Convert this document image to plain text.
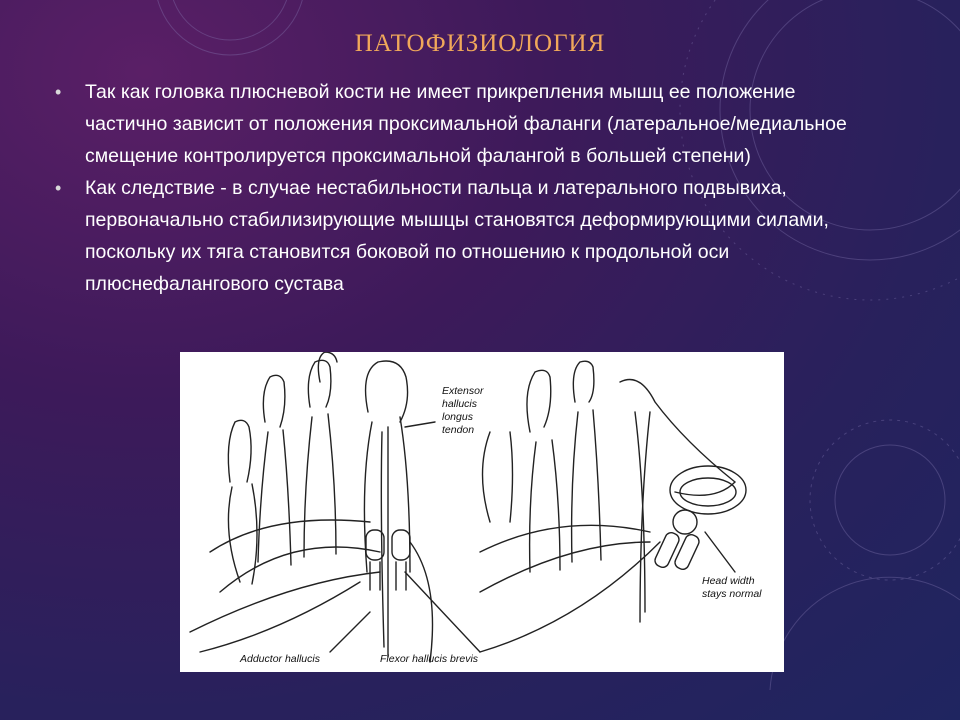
ПАТОФИЗИОЛОГИЯ
• Так как головка плюсневой кости не имеет прикрепления мышц ее положение частично зависит от положения проксимальной фаланги (латеральное/медиальное смещение контролируется проксимальной фалангой в большей степени)
• Как следствие - в случае нестабильности пальца и латерального подвывиха, первоначально стабилизирующие мышцы становятся деформирующими силами, поскольку их тяга становится боковой по отношению к продольной оси плюснефалангового сустава
Extensor
hallucis
longus
tendon
Adductor hallucis	Flexor hallucis brevis
Head width
stays normal
